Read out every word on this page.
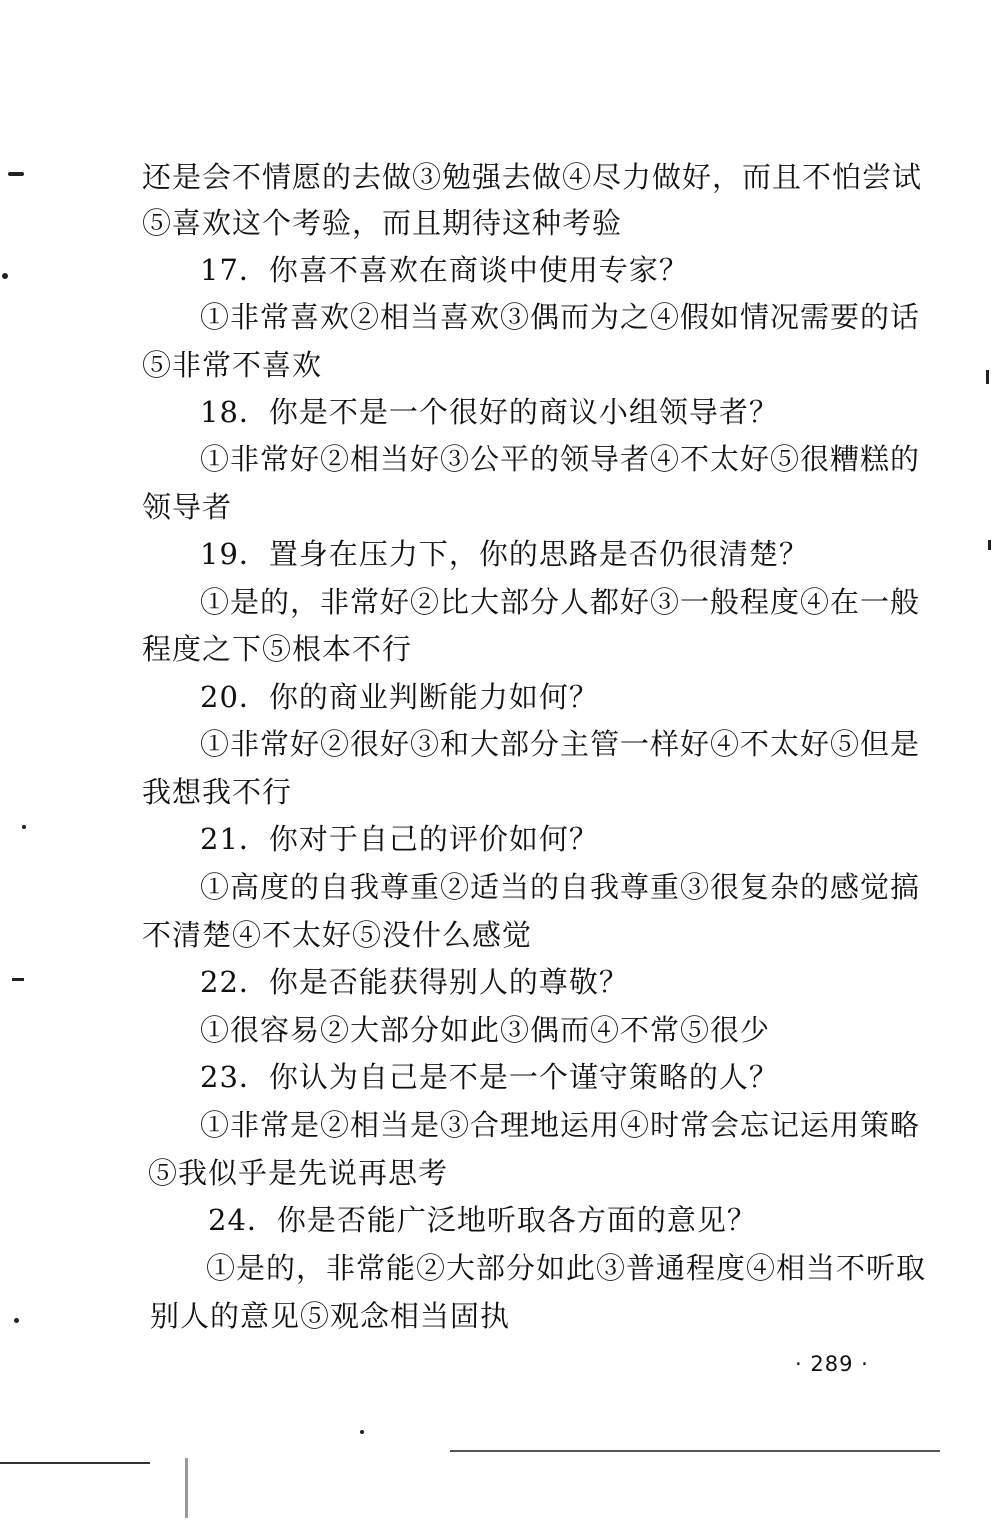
还是会不情愿的去做③勉强去做④尽力做好，而且不怕尝试
⑤喜欢这个考验，而且期待这种考验
17．你喜不喜欢在商谈中使用专家？
①非常喜欢②相当喜欢③偶而为之④假如情况需要的话
⑤非常不喜欢
18．你是不是一个很好的商议小组领导者？
①非常好②相当好③公平的领导者④不太好⑤很糟糕的
领导者
19．置身在压力下，你的思路是否仍很清楚？
①是的，非常好②比大部分人都好③一般程度④在一般
程度之下⑤根本不行
20．你的商业判断能力如何？
①非常好②很好③和大部分主管一样好④不太好⑤但是
我想我不行
21．你对于自己的评价如何？
①高度的自我尊重②适当的自我尊重③很复杂的感觉搞
不清楚④不太好⑤没什么感觉
22．你是否能获得别人的尊敬？
①很容易②大部分如此③偶而④不常⑤很少
23．你认为自己是不是一个谨守策略的人？
①非常是②相当是③合理地运用④时常会忘记运用策略
⑤我似乎是先说再思考
24．你是否能广泛地听取各方面的意见？
①是的，非常能②大部分如此③普通程度④相当不听取
别人的意见⑤观念相当固执
· 289 ·
